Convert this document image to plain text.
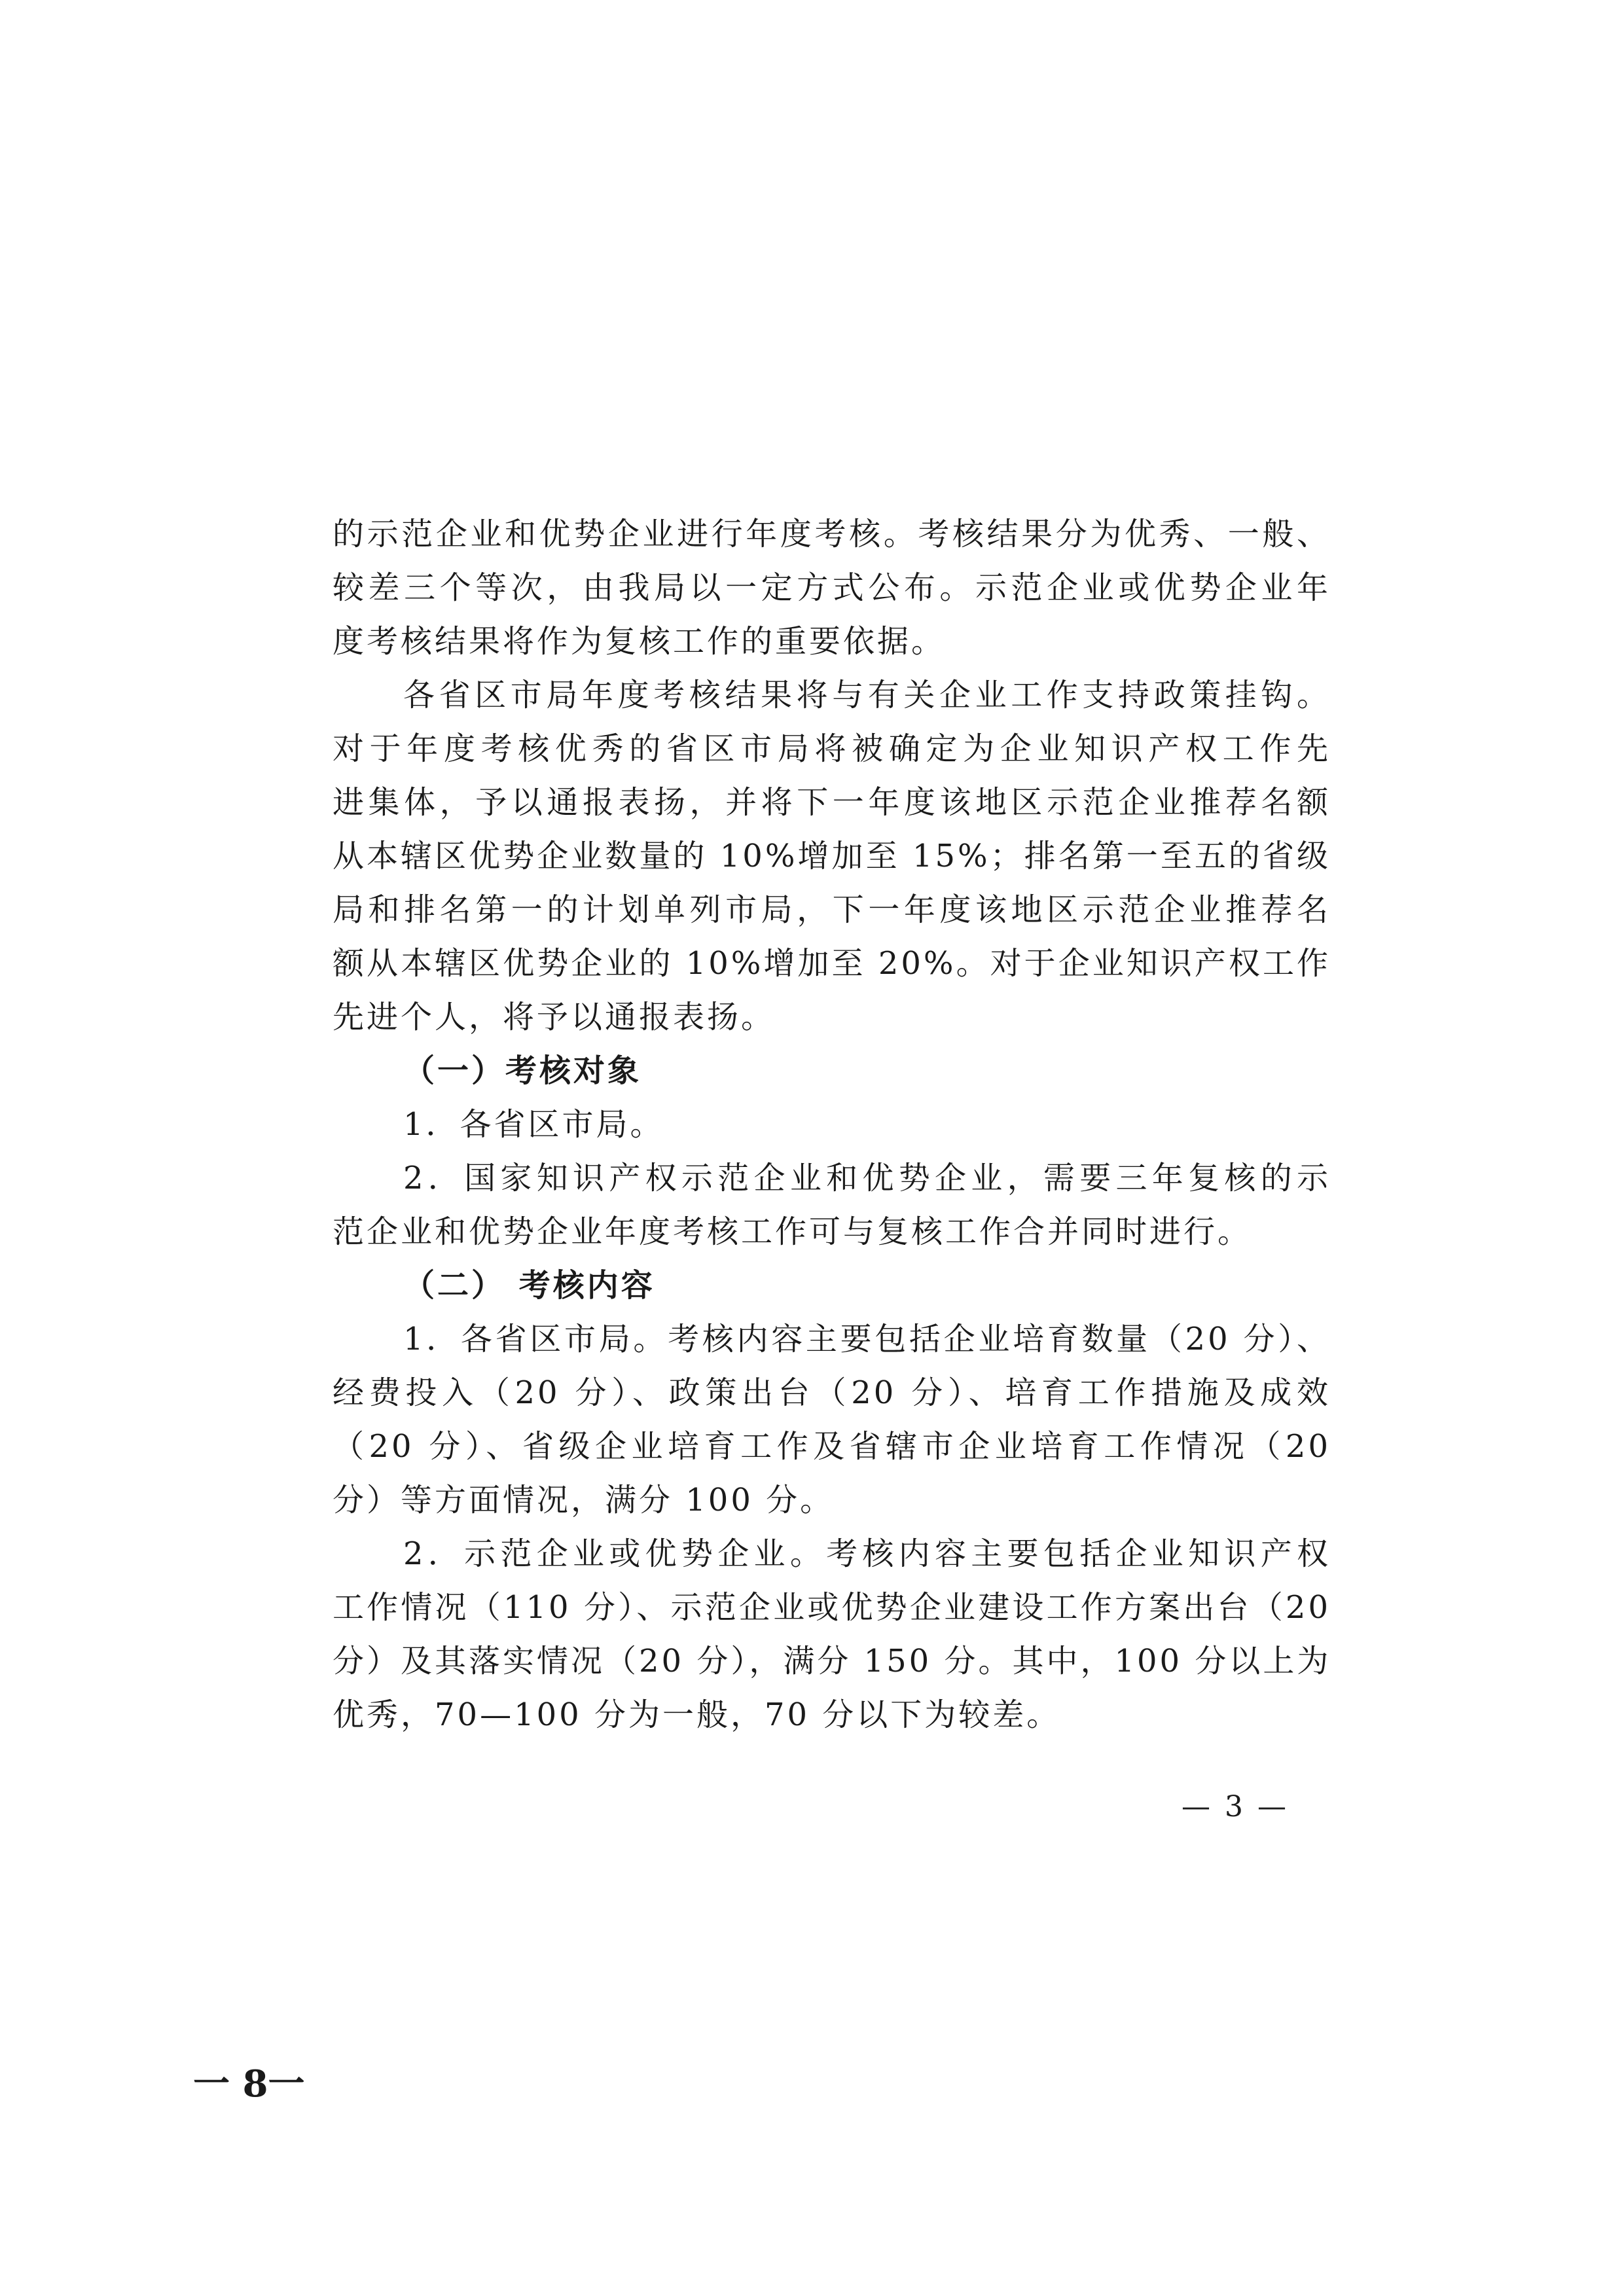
的示范企业和优势企业进行年度考核。考核结果分为优秀、一般、
较差三个等次，由我局以一定方式公布。示范企业或优势企业年
度考核结果将作为复核工作的重要依据。
各省区市局年度考核结果将与有关企业工作支持政策挂钩。
对于年度考核优秀的省区市局将被确定为企业知识产权工作先
进集体，予以通报表扬，并将下一年度该地区示范企业推荐名额
从本辖区优势企业数量的 10%增加至 15%；排名第一至五的省级
局和排名第一的计划单列市局，下一年度该地区示范企业推荐名
额从本辖区优势企业的 10%增加至 20%。对于企业知识产权工作
先进个人，将予以通报表扬。
（一）考核对象
1．各省区市局。
2．国家知识产权示范企业和优势企业，需要三年复核的示
范企业和优势企业年度考核工作可与复核工作合并同时进行。
（二） 考核内容
1．各省区市局。考核内容主要包括企业培育数量（20 分）、
经费投入（20 分）、政策出台（20 分）、培育工作措施及成效
（20 分）、省级企业培育工作及省辖市企业培育工作情况（20
分）等方面情况，满分 100 分。
2．示范企业或优势企业。考核内容主要包括企业知识产权
工作情况（110 分）、示范企业或优势企业建设工作方案出台（20
分）及其落实情况（20 分），满分 150 分。其中，100 分以上为
优秀，70—100 分为一般，70 分以下为较差。
— 3 —
一 8一
